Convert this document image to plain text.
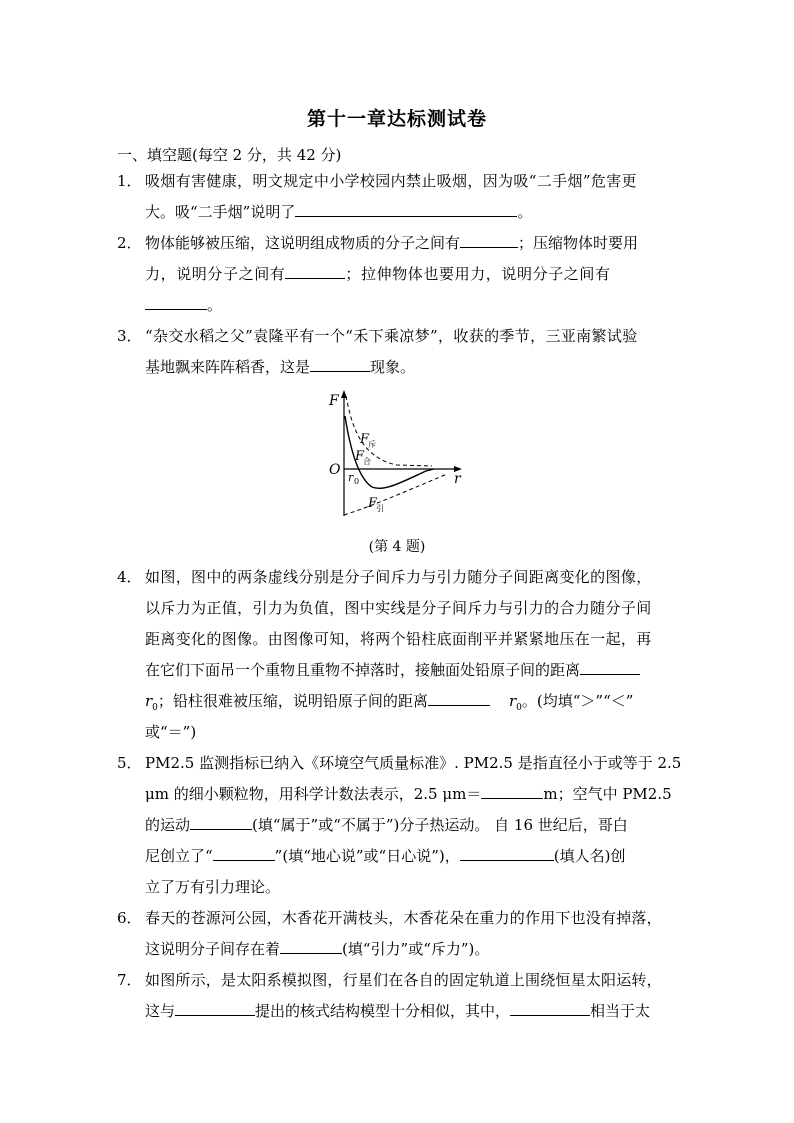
第十一章达标测试卷
一、填空题(每空 2 分，共 42 分)
1． 吸烟有害健康，明文规定中小学校园内禁止吸烟，因为吸“二手烟”危害更
大。吸“二手烟”说明了	。
2． 物体能够被压缩，这说明组成物质的分子之间有	；压缩物体时要用
力，说明分子之间有	；拉伸物体也要用力，说明分子之间有
。
3． “杂交水稻之父”袁隆平有一个“禾下乘凉梦”，收获的季节，三亚南繁试验
基地飘来阵阵稻香，这是	现象。
F
r
O r 0
F
斥
F
合
F
引
(第 4 题)
4． 如图，图中的两条虚线分别是分子间斥力与引力随分子间距离变化的图像，
以斥力为正值，引力为负值，图中实线是分子间斥力与引力的合力随分子间
距离变化的图像。由图像可知，将两个铅柱底面削平并紧紧地压在一起，再
在它们下面吊一个重物且重物不掉落时，接触面处铅原子间的距离
$r_0$；铅柱很难被压缩，说明铅原子间的距离	$r_0$。(均填“＞”“＜”
或“＝”)
5． PM2.5 监测指标已纳入《环境空气质量标准》. PM2.5 是指直径小于或等于 2.5
μm 的细小颗粒物，用科学计数法表示，2.5 μm＝	m；空气中 PM2.5
的运动	(填“属于”或“不属于”)分子热运动。 自 16 世纪后，哥白
尼创立了“	”(填“地心说”或“日心说”)，	(填人名)创
立了万有引力理论。
6． 春天的苍源河公园，木香花开满枝头，木香花朵在重力的作用下也没有掉落，
这说明分子间存在着	(填“引力”或“斥力”)。
7． 如图所示，是太阳系模拟图，行星们在各自的固定轨道上围绕恒星太阳运转，
这与	提出的核式结构模型十分相似，其中，	相当于太
